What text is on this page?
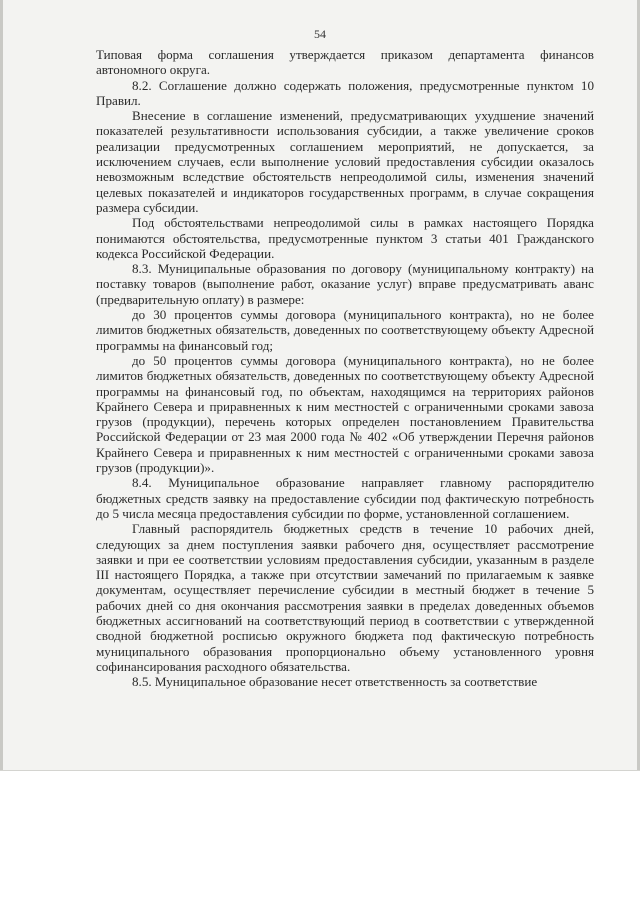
54

Типовая форма соглашения утверждается приказом департамента финансов автономного округа.

8.2. Соглашение должно содержать положения, предусмотренные пунктом 10 Правил.

Внесение в соглашение изменений, предусматривающих ухудшение значений показателей результативности использования субсидии, а также увеличение сроков реализации предусмотренных соглашением мероприятий, не допускается, за исключением случаев, если выполнение условий предоставления субсидии оказалось невозможным вследствие обстоятельств непреодолимой силы, изменения значений целевых показателей и индикаторов государственных программ, в случае сокращения размера субсидии.

Под обстоятельствами непреодолимой силы в рамках настоящего Порядка понимаются обстоятельства, предусмотренные пунктом 3 статьи 401 Гражданского кодекса Российской Федерации.

8.3. Муниципальные образования по договору (муниципальному контракту) на поставку товаров (выполнение работ, оказание услуг) вправе предусматривать аванс (предварительную оплату) в размере:

до 30 процентов суммы договора (муниципального контракта), но не более лимитов бюджетных обязательств, доведенных по соответствующему объекту Адресной программы на финансовый год;

до 50 процентов суммы договора (муниципального контракта), но не более лимитов бюджетных обязательств, доведенных по соответствующему объекту Адресной программы на финансовый год, по объектам, находящимся на территориях районов Крайнего Севера и приравненных к ним местностей с ограниченными сроками завоза грузов (продукции), перечень которых определен постановлением Правительства Российской Федерации от 23 мая 2000 года № 402 «Об утверждении Перечня районов Крайнего Севера и приравненных к ним местностей с ограниченными сроками завоза грузов (продукции)».

8.4. Муниципальное образование направляет главному распорядителю бюджетных средств заявку на предоставление субсидии под фактическую потребность до 5 числа месяца предоставления субсидии по форме, установленной соглашением.

Главный распорядитель бюджетных средств в течение 10 рабочих дней, следующих за днем поступления заявки рабочего дня, осуществляет рассмотрение заявки и при ее соответствии условиям предоставления субсидии, указанным в разделе III настоящего Порядка, а также при отсутствии замечаний по прилагаемым к заявке документам, осуществляет перечисление субсидии в местный бюджет в течение 5 рабочих дней со дня окончания рассмотрения заявки в пределах доведенных объемов бюджетных ассигнований на соответствующий период в соответствии с утвержденной сводной бюджетной росписью окружного бюджета под фактическую потребность муниципального образования пропорционально объему установленного уровня софинансирования расходного обязательства.

8.5. Муниципальное образование несет ответственность за соответствие
